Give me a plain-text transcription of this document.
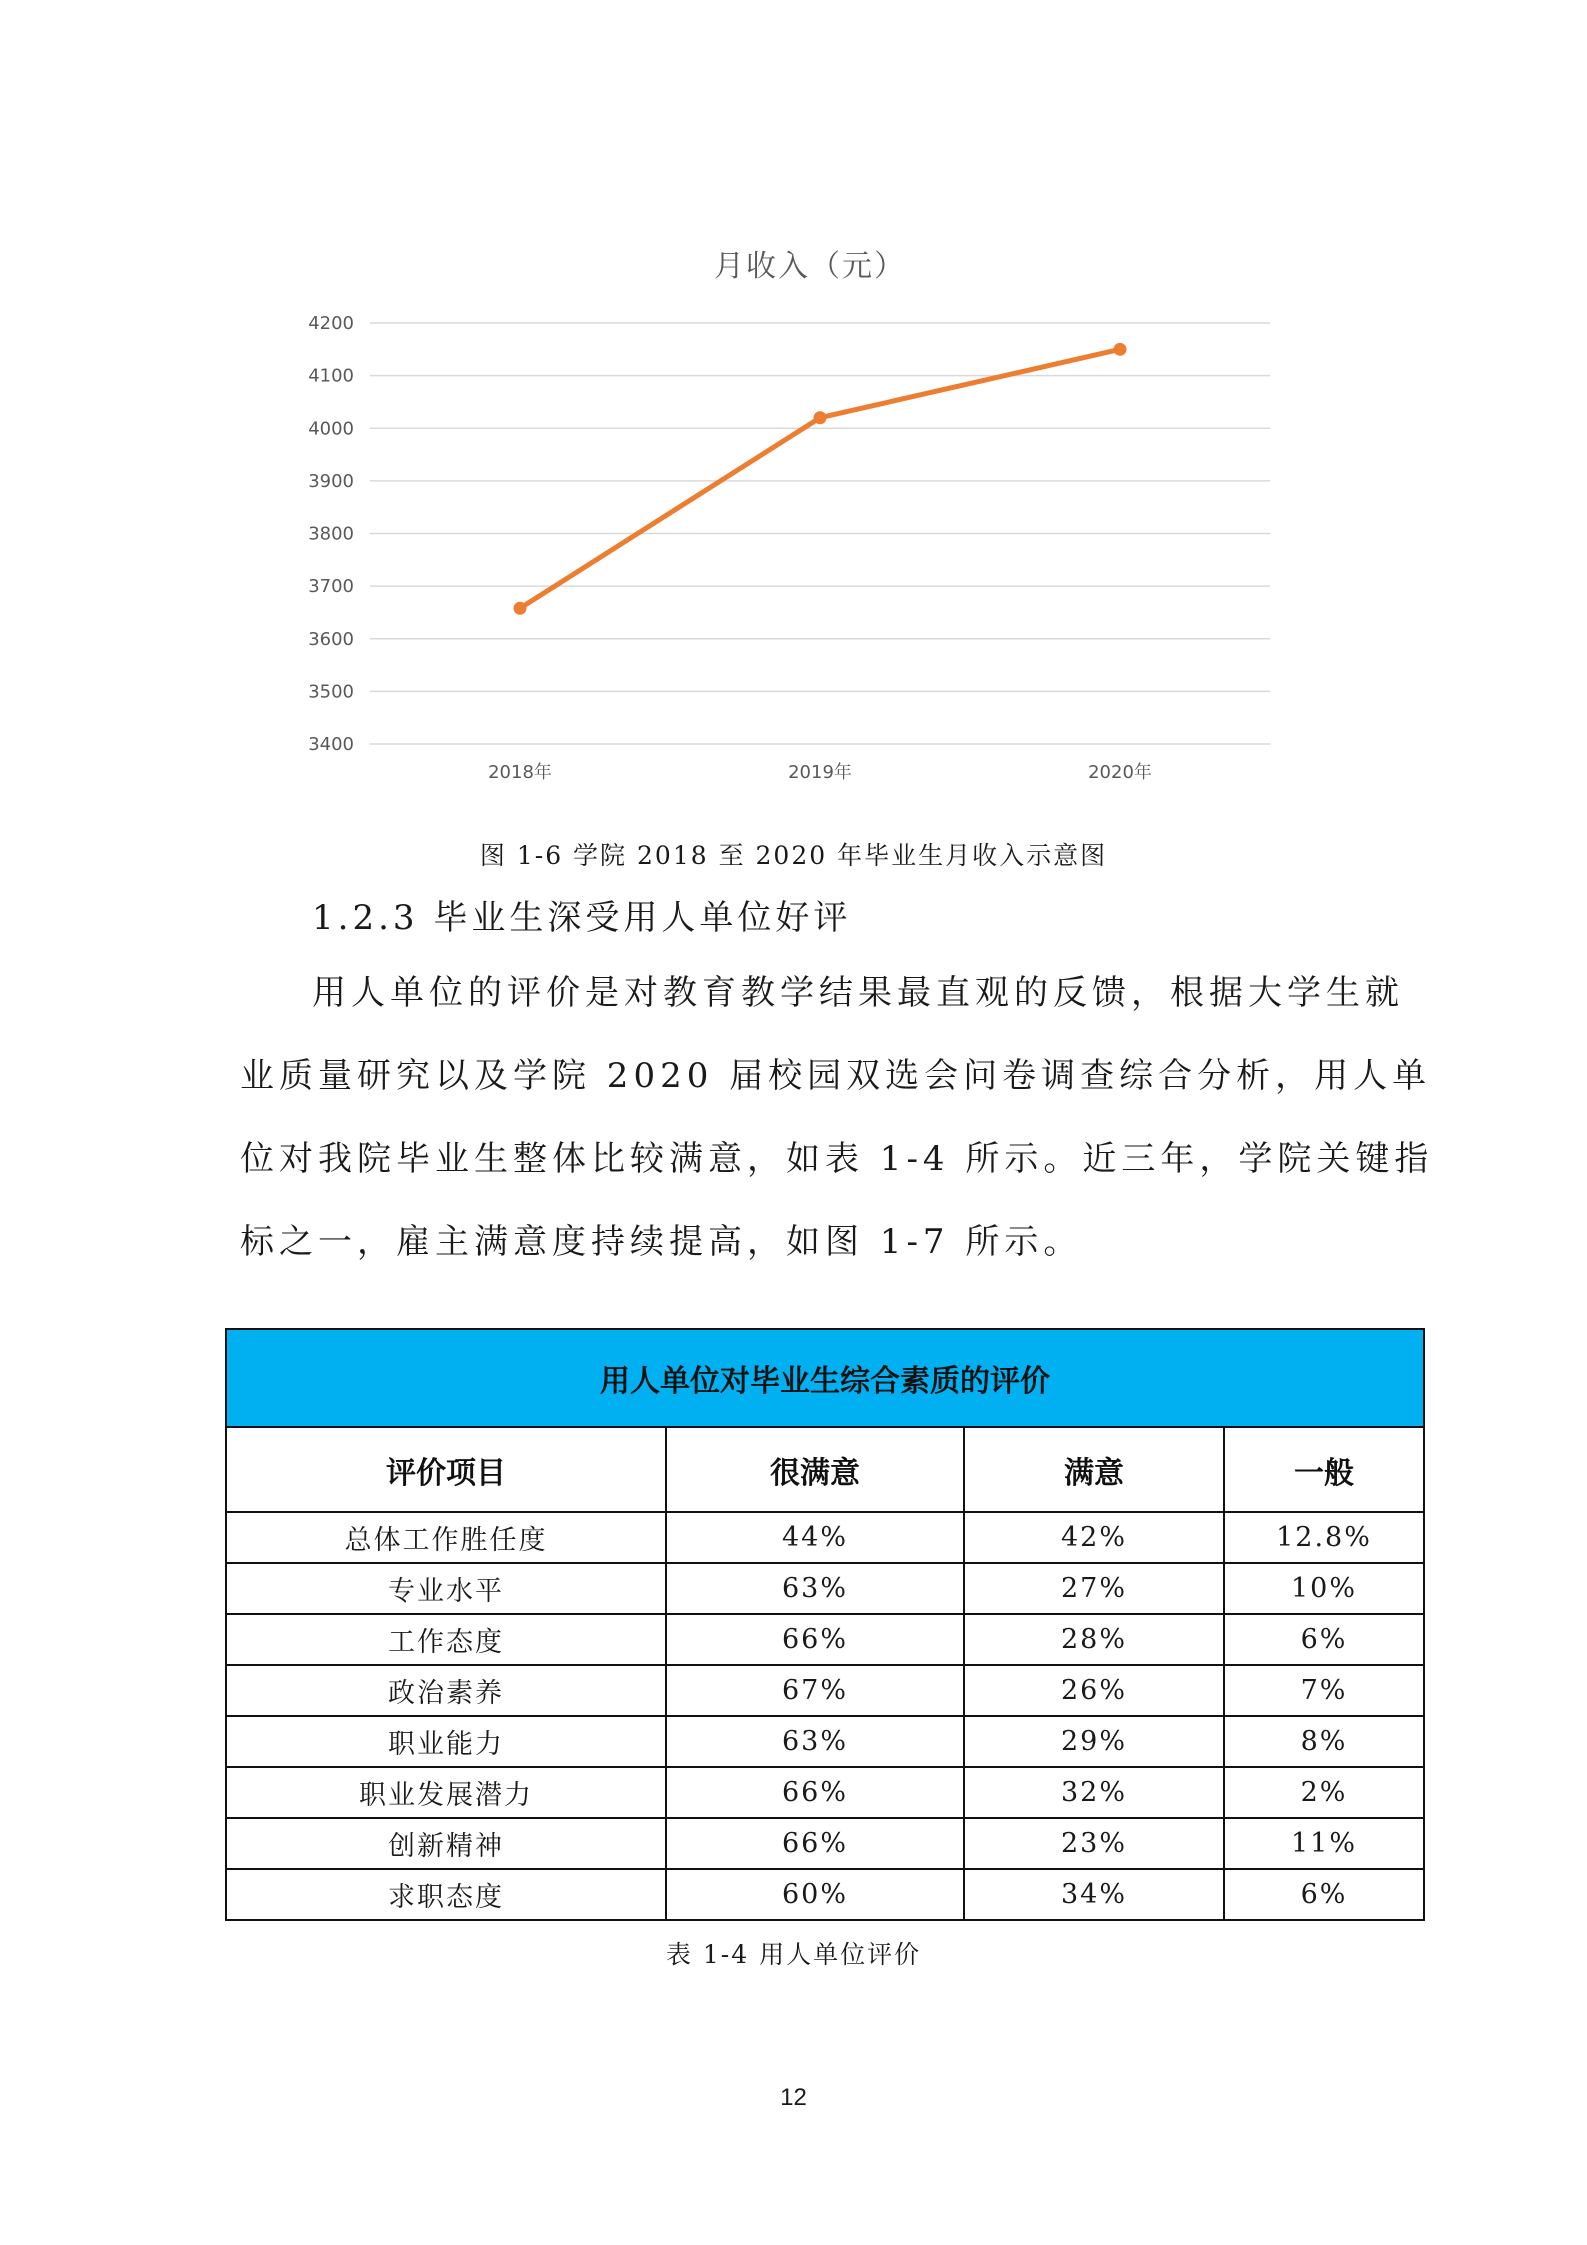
月收入（元）
3400
3500
3600
3700
3800
3900
4000
4100
4200
2018年	2019年	2020年
图 1-6 学院 2018 至 2020 年毕业生月收入示意图
1.2.3 毕业生深受用人单位好评
用人单位的评价是对教育教学结果最直观的反馈，根据大学生就
业质量研究以及学院 2020 届校园双选会问卷调查综合分析，用人单
位对我院毕业生整体比较满意，如表 1-4 所示。近三年，学院关键指
标之一，雇主满意度持续提高，如图 1-7 所示。
用人单位对毕业生综合素质的评价			
评价项目	很满意	满意	一般
总体工作胜任度	44%	42%	12.8%
专业水平	63%	27%	10%
工作态度	66%	28%	6%
政治素养	67%	26%	7%
职业能力	63%	29%	8%
职业发展潜力	66%	32%	2%
创新精神	66%	23%	11%
求职态度	60%	34%	6%
表 1-4 用人单位评价
12
